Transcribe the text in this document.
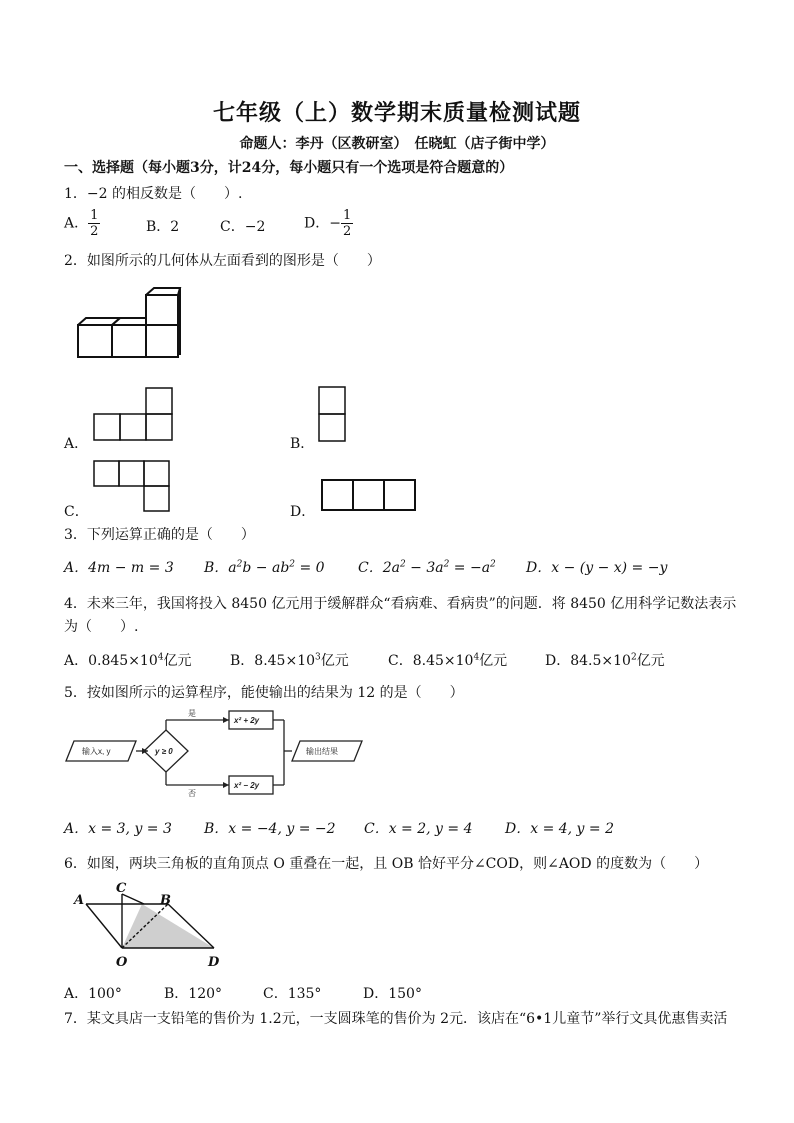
七年级（上）数学期末质量检测试题
命题人：李丹（区教研室）　任晓虹（店子街中学）
一、选择题（每小题3分，计24分，每小题只有一个选项是符合题意的）
1．−2 的相反数是（　　）.
A． $\frac{1}{2}$	B．2	C．−2	D．− $\frac{1}{2}$
2．如图所示的几何体从左面看到的图形是（　　）
A．	B．
C．	D．
3．下列运算正确的是（　　）
A．4m − m = 3 B．$a^2b - ab^2 = 0$ C．$2a^2 - 3a^2 = -a^2$ D．x − (y − x) = −y
4．未来三年，我国将投入 8450 亿元用于缓解群众“看病难、看病贵”的问题．将 8450 亿用科学记数法表示
为（　　）.
A．$0.845\times 10^4$亿元	B．$8.45\times 10^3$亿元	C．$8.45\times 10^4$亿元	D．$84.5\times 10^2$亿元
5．按如图所示的运算程序，能使输出的结果为 12 的是（　　）
输入x, y	y ≥ 0
是
否
x² + 2y
x² − 2y
输出结果
A．x = 3, y = 3 B．x = −4, y = −2 C．x = 2, y = 4 D．x = 4, y = 2
6．如图，两块三角板的直角顶点 O 重叠在一起，且 OB 恰好平分∠COD，则∠AOD 的度数为（　　）
A
C
B
O	D
A．100°	B．120°	C．135°	D．150°
7．某文具店一支铅笔的售价为 1.2元，一支圆珠笔的售价为 2元．该店在“6•1儿童节”举行文具优惠售卖活
